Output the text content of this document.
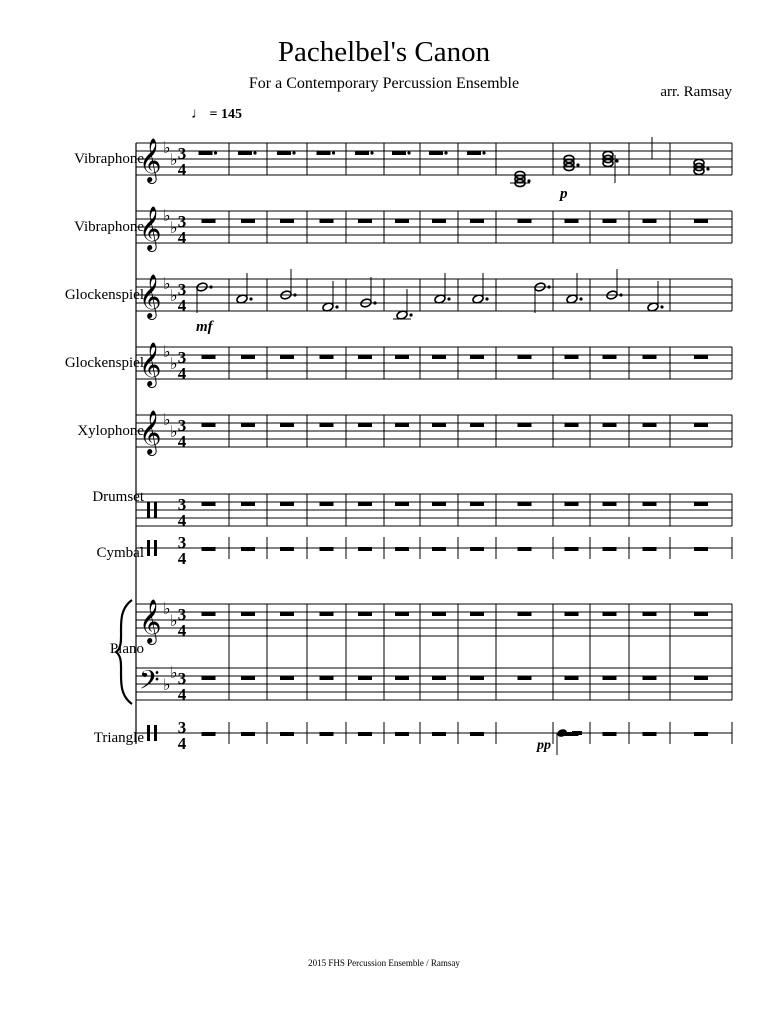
Pachelbel's Canon
For a Contemporary Percussion Ensemble	arr. Ramsay
♩ = 145
Vibraphone
Vibraphone
Glockenspiel
Glockenspiel
Xylophone
Drumset
Cymbal
Piano
Triangle
𝄞 ♭
♭ 3
4
𝄞 ♭
♭ 3
4
𝄞 ♭
♭ 3
4
𝄞 ♭
♭ 3
4
𝄞 ♭
♭ 3
4
p
mf
3
4
3
4
𝄞 ♭
♭ 3
4
𝄢 ♭
♭ 3
4
3
4	pp
2015 FHS Percussion Ensemble / Ramsay
